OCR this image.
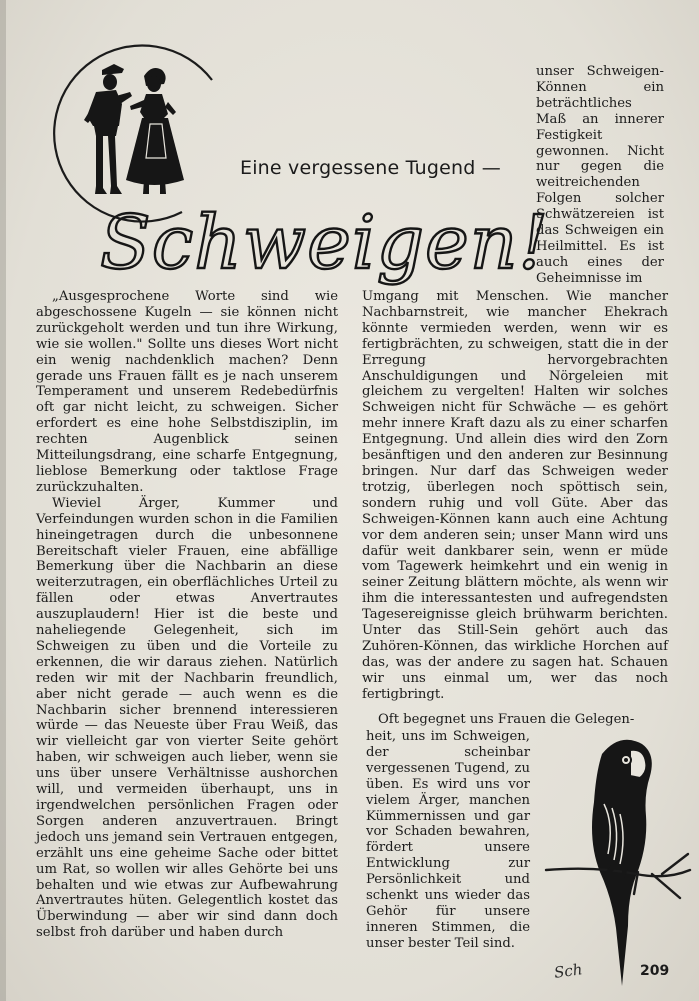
Eine vergessene Tugend —
Schweigen!

unser Schweigen-Können ein beträchtliches Maß an innerer Festigkeit gewonnen. Nicht nur gegen die weitreichenden Folgen solcher Schwätzereien ist das Schweigen ein Heilmittel. Es ist auch eines der Geheimnisse im

„Ausgesprochene Worte sind wie abgeschossene Kugeln — sie können nicht zurückgeholt werden und tun ihre Wirkung, wie sie wollen." Sollte uns dieses Wort nicht ein wenig nachdenklich machen? Denn gerade uns Frauen fällt es je nach unserem Temperament und unserem Redebedürfnis oft gar nicht leicht, zu schweigen. Sicher erfordert es eine hohe Selbstdisziplin, im rechten Augenblick seinen Mitteilungsdrang, eine scharfe Entgegnung, lieblose Bemerkung oder taktlose Frage zurückzuhalten.

Wieviel Ärger, Kummer und Verfeindungen wurden schon in die Familien hineingetragen durch die unbesonnene Bereitschaft vieler Frauen, eine abfällige Bemerkung über die Nachbarin an diese weiterzutragen, ein oberflächliches Urteil zu fällen oder etwas Anvertrautes auszuplaudern! Hier ist die beste und naheliegende Gelegenheit, sich im Schweigen zu üben und die Vorteile zu erkennen, die wir daraus ziehen. Natürlich reden wir mit der Nachbarin freundlich, aber nicht gerade — auch wenn es die Nachbarin sicher brennend interessieren würde — das Neueste über Frau Weiß, das wir vielleicht gar von vierter Seite gehört haben, wir schweigen auch lieber, wenn sie uns über unsere Verhältnisse aushorchen will, und vermeiden überhaupt, uns in irgendwelchen persönlichen Fragen oder Sorgen anderen anzuvertrauen. Bringt jedoch uns jemand sein Vertrauen entgegen, erzählt uns eine geheime Sache oder bittet um Rat, so wollen wir alles Gehörte bei uns behalten und wie etwas zur Aufbewahrung Anvertrautes hüten. Gelegentlich kostet das Überwindung — aber wir sind dann doch selbst froh darüber und haben durch

Umgang mit Menschen. Wie mancher Nachbarnstreit, wie mancher Ehekrach könnte vermieden werden, wenn wir es fertigbrächten, zu schweigen, statt die in der Erregung hervorgebrachten Anschuldigungen und Nörgeleien mit gleichem zu vergelten! Halten wir solches Schweigen nicht für Schwäche — es gehört mehr innere Kraft dazu als zu einer scharfen Entgegnung. Und allein dies wird den Zorn besänftigen und den anderen zur Besinnung bringen. Nur darf das Schweigen weder trotzig, überlegen noch spöttisch sein, sondern ruhig und voll Güte. Aber das Schweigen-Können kann auch eine Achtung vor dem anderen sein; unser Mann wird uns dafür weit dankbarer sein, wenn er müde vom Tagewerk heimkehrt und ein wenig in seiner Zeitung blättern möchte, als wenn wir ihm die interessantesten und aufregendsten Tagesereignisse gleich brühwarm berichten. Unter das Still-Sein gehört auch das Zuhören-Können, das wirkliche Horchen auf das, was der andere zu sagen hat. Schauen wir uns einmal um, wer das noch fertigbringt.

Oft begegnet uns Frauen die Gelegen-

heit, uns im Schweigen, der scheinbar vergessenen Tugend, zu üben. Es wird uns vor vielem Ärger, manchen Kümmernissen und gar vor Schaden bewahren, fördert unsere Entwicklung zur Persönlichkeit und schenkt uns wieder das Gehör für unsere inneren Stimmen, die unser bester Teil sind.

Sch	209
